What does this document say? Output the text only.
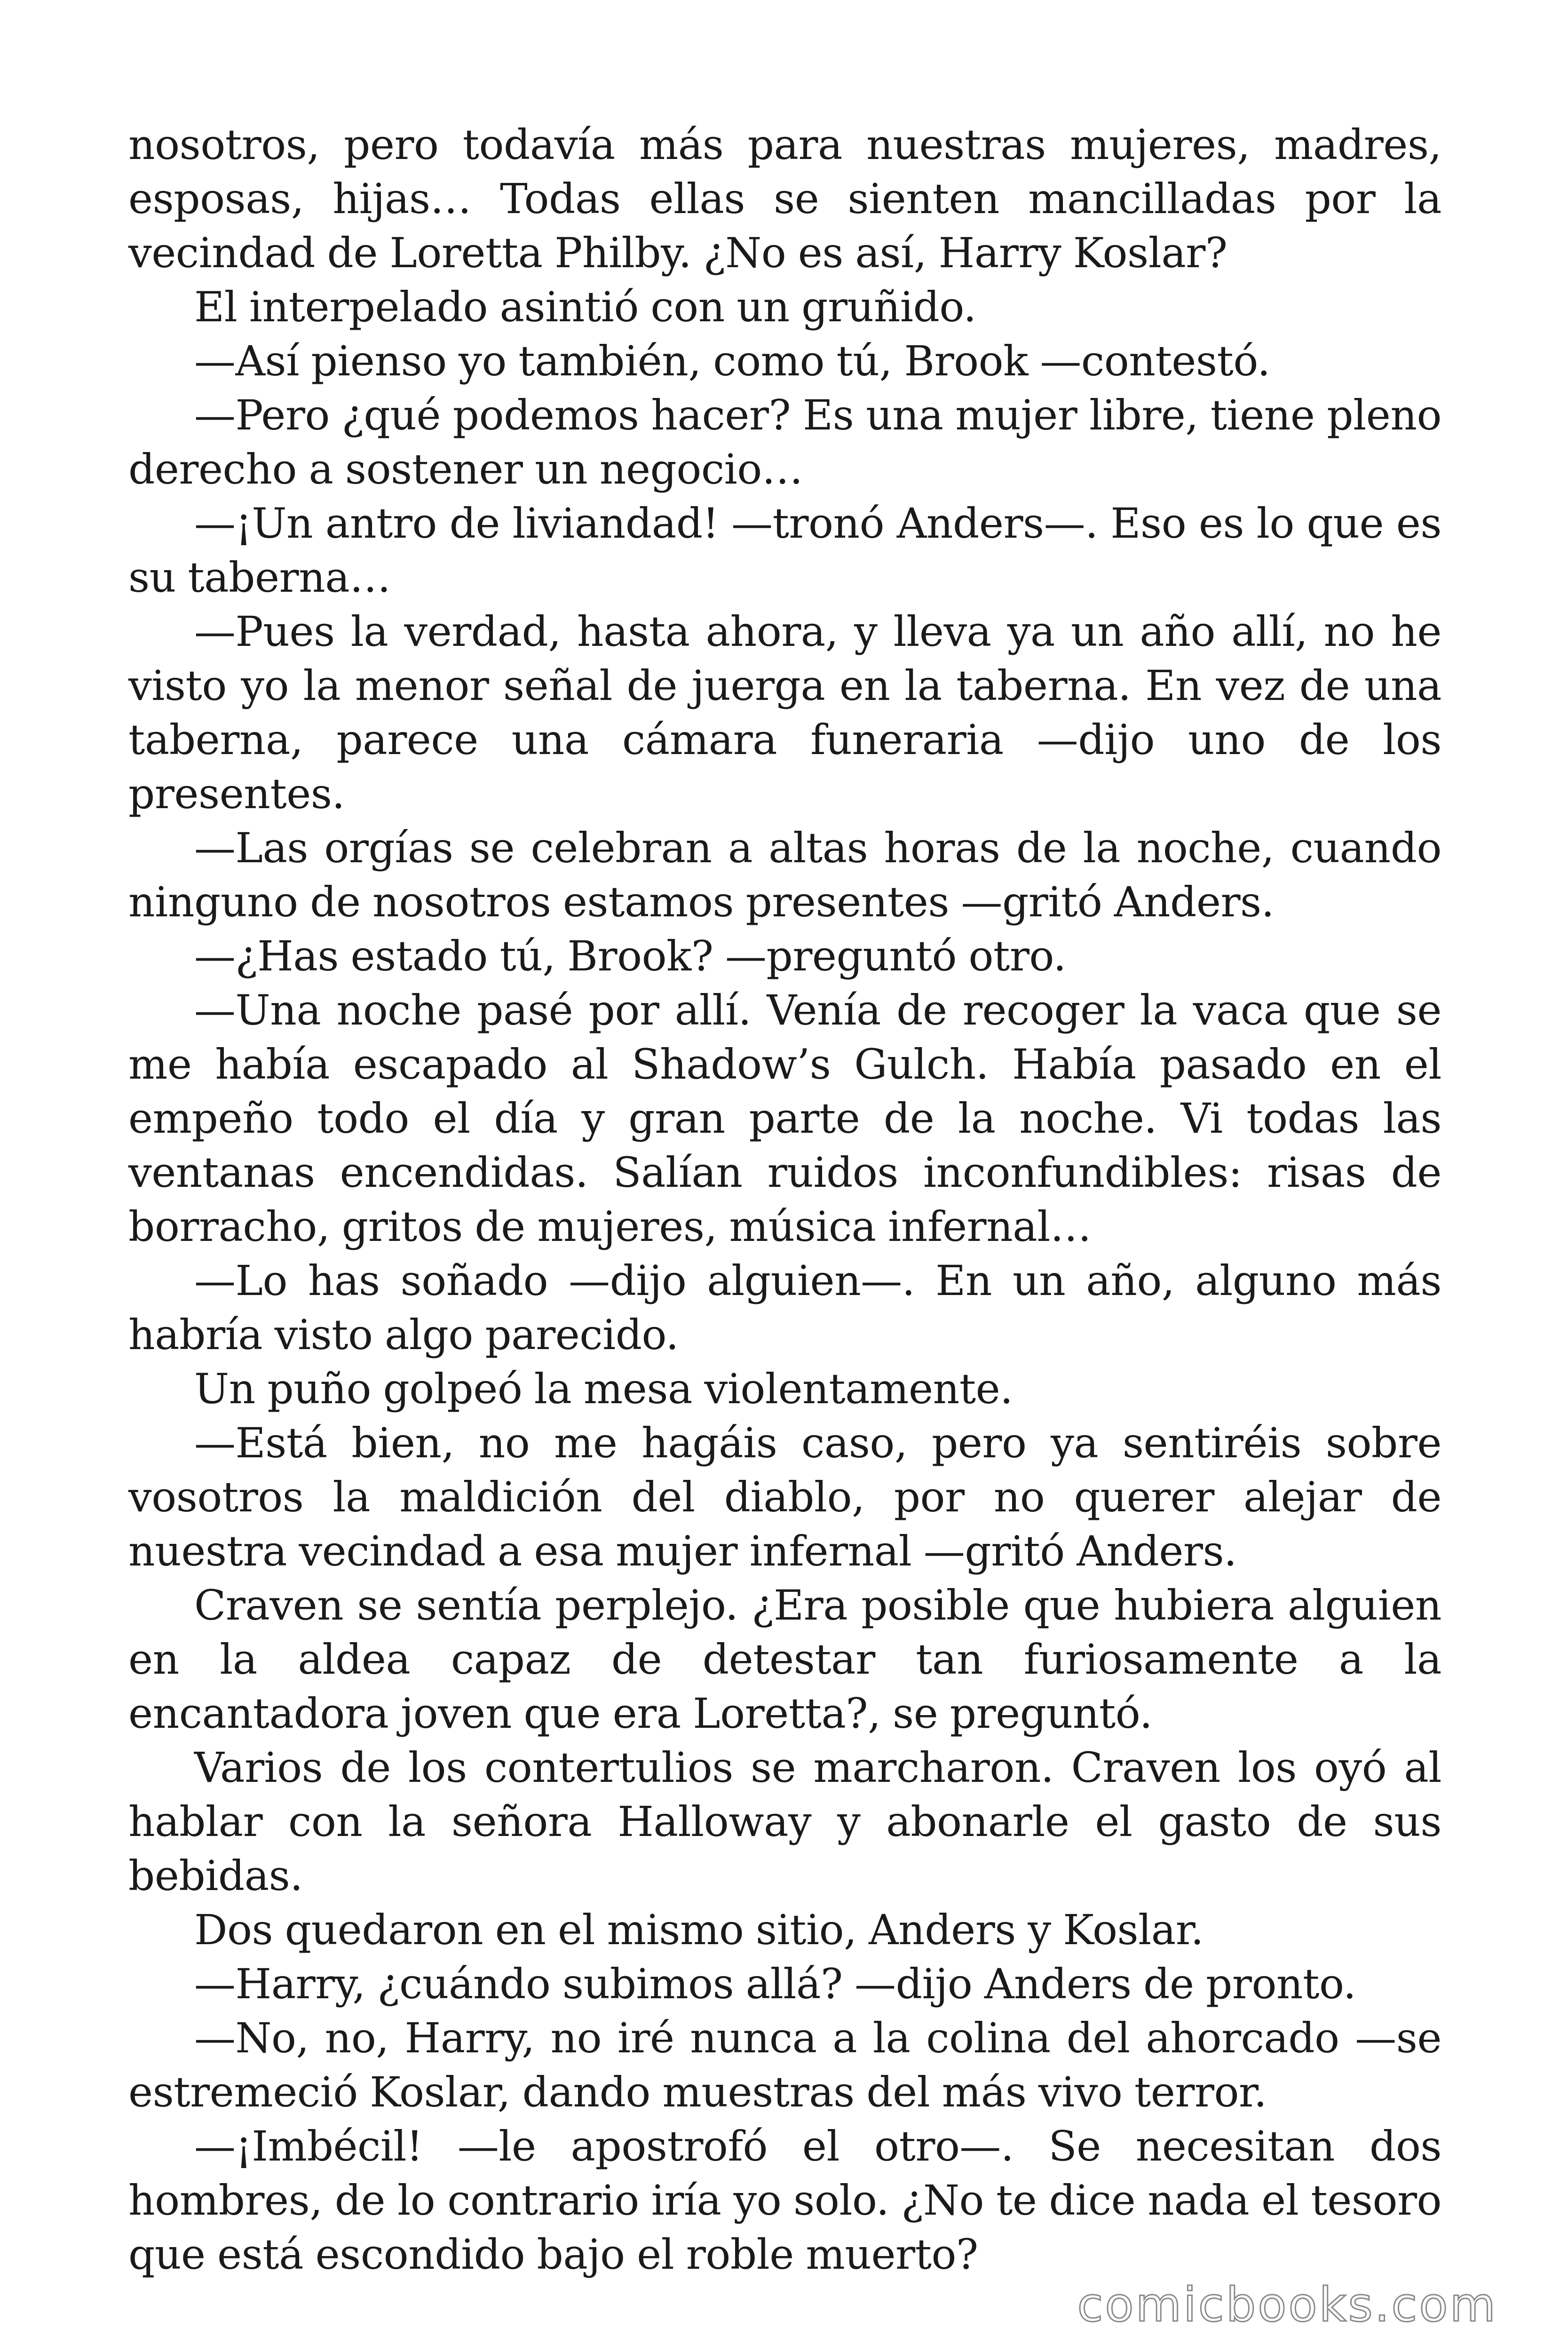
nosotros, pero todavía más para nuestras mujeres, madres, esposas, hijas… Todas ellas se sienten mancilladas por la vecindad de Loretta Philby. ¿No es así, Harry Koslar?

El interpelado asintió con un gruñido.

—Así pienso yo también, como tú, Brook —contestó.

—Pero ¿qué podemos hacer? Es una mujer libre, tiene pleno derecho a sostener un negocio…

—¡Un antro de liviandad! —tronó Anders—. Eso es lo que es su taberna…

—Pues la verdad, hasta ahora, y lleva ya un año allí, no he visto yo la menor señal de juerga en la taberna. En vez de una taberna, parece una cámara funeraria —dijo uno de los presentes.

—Las orgías se celebran a altas horas de la noche, cuando ninguno de nosotros estamos presentes —gritó Anders.

—¿Has estado tú, Brook? —preguntó otro.

—Una noche pasé por allí. Venía de recoger la vaca que se me había escapado al Shadow’s Gulch. Había pasado en el empeño todo el día y gran parte de la noche. Vi todas las ventanas encendidas. Salían ruidos inconfundibles: risas de borracho, gritos de mujeres, música infernal…

—Lo has soñado —dijo alguien—. En un año, alguno más habría visto algo parecido.

Un puño golpeó la mesa violentamente.

—Está bien, no me hagáis caso, pero ya sentiréis sobre vosotros la maldición del diablo, por no querer alejar de nuestra vecindad a esa mujer infernal —gritó Anders.

Craven se sentía perplejo. ¿Era posible que hubiera alguien en la aldea capaz de detestar tan furiosamente a la encantadora joven que era Loretta?, se preguntó.

Varios de los contertulios se marcharon. Craven los oyó al hablar con la señora Halloway y abonarle el gasto de sus bebidas.

Dos quedaron en el mismo sitio, Anders y Koslar.

—Harry, ¿cuándo subimos allá? —dijo Anders de pronto.

—No, no, Harry, no iré nunca a la colina del ahorcado —se estremeció Koslar, dando muestras del más vivo terror.

—¡Imbécil! —le apostrofó el otro—. Se necesitan dos hombres, de lo contrario iría yo solo. ¿No te dice nada el tesoro que está escondido bajo el roble muerto?

comicbooks.com
